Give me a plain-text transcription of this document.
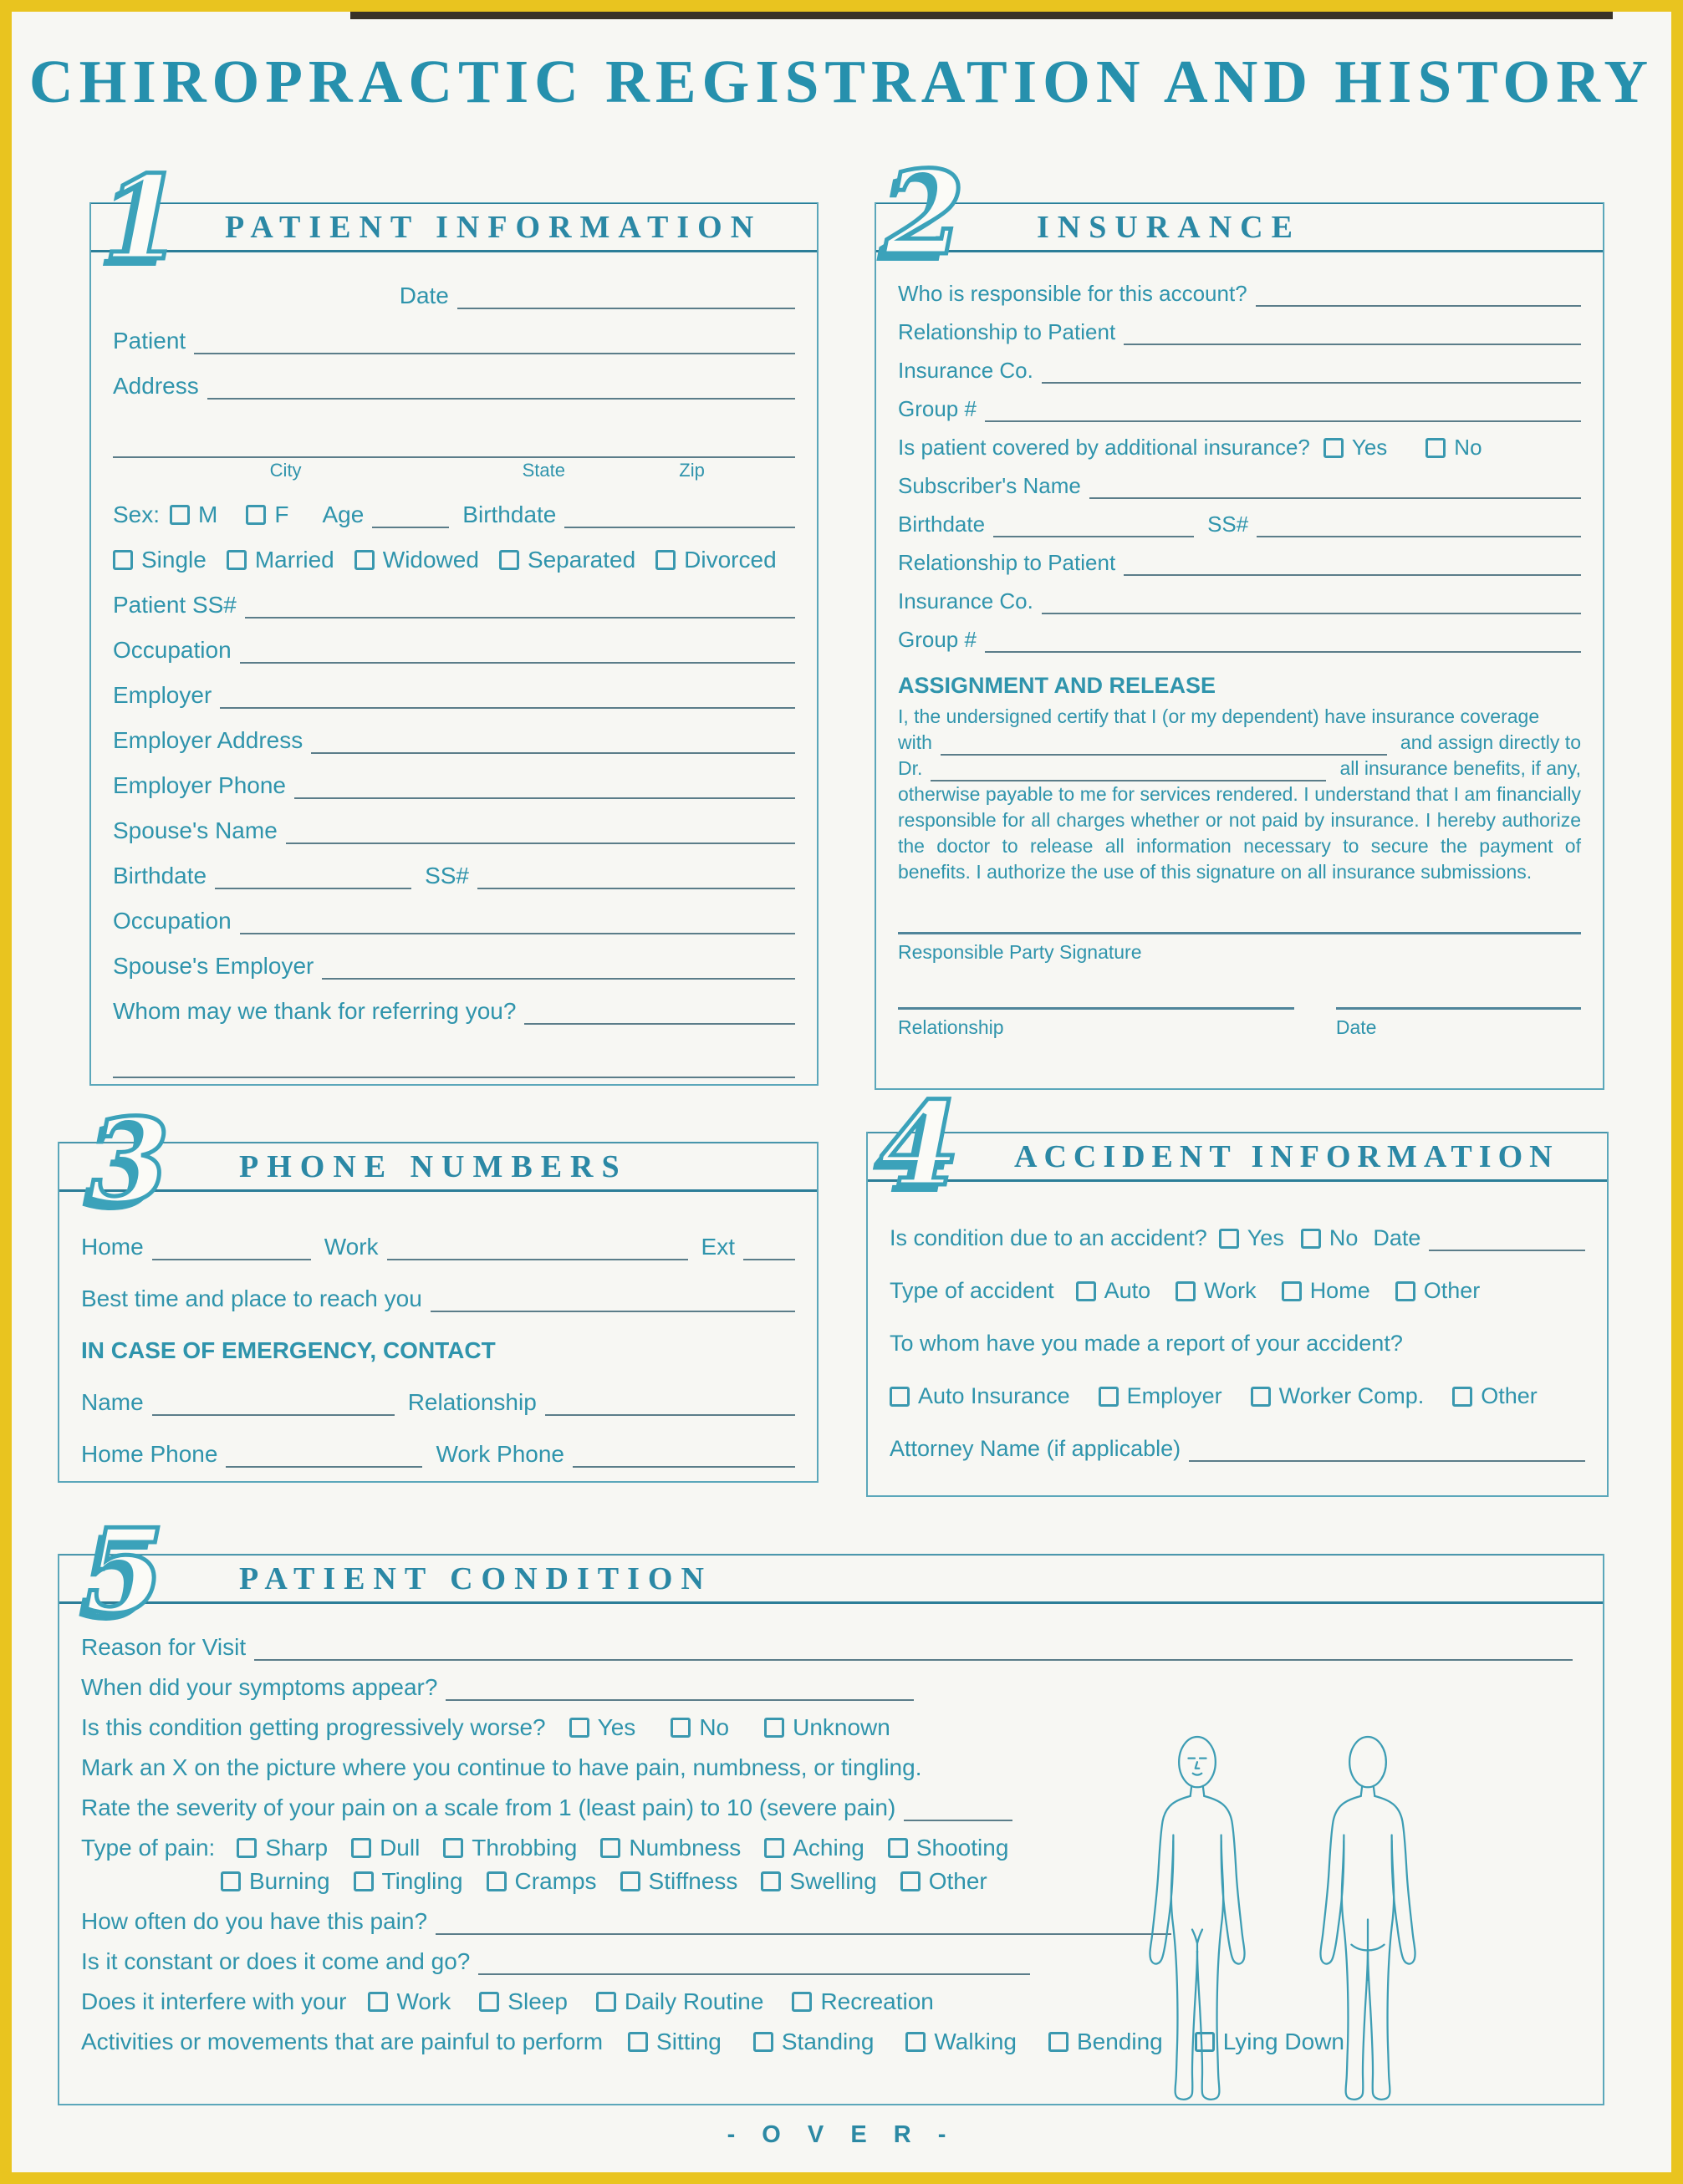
CHIROPRACTIC REGISTRATION AND HISTORY
1	PATIENT INFORMATION
Date
Patient
Address
City	State	Zip
Sex: M F Age	Birthdate
Single Married Widowed Separated Divorced
Patient SS#
Occupation
Employer
Employer Address
Employer Phone
Spouse's Name
Birthdate	SS#
Occupation
Spouse's Employer
Whom may we thank for referring you?
2	INSURANCE
Who is responsible for this account?
Relationship to Patient
Insurance Co.
Group #
Is patient covered by additional insurance? Yes	No
Subscriber's Name
Birthdate	SS#
Relationship to Patient
Insurance Co.
Group #
ASSIGNMENT AND RELEASE
I, the undersigned certify that I (or my dependent) have insurance coverage
with	and assign directly to
Dr.	all insurance benefits, if any,
otherwise payable to me for services rendered. I understand that I am financially responsible for all charges whether or not paid by insurance. I hereby authorize the doctor to release all information necessary to secure the payment of benefits. I authorize the use of this signature on all insurance submissions.
Responsible Party Signature
Relationship	Date
3	PHONE NUMBERS
Home	Work	Ext
Best time and place to reach you
IN CASE OF EMERGENCY, CONTACT
Name	Relationship
Home Phone	Work Phone
4	ACCIDENT INFORMATION
Is condition due to an accident? Yes No Date
Type of accident Auto Work Home Other
To whom have you made a report of your accident?
Auto Insurance	Employer	Worker Comp.	Other
Attorney Name (if applicable)
5	PATIENT CONDITION
Reason for Visit
When did your symptoms appear?
Is this condition getting progressively worse? Yes	No	Unknown
Mark an X on the picture where you continue to have pain, numbness, or tingling.
Rate the severity of your pain on a scale from 1 (least pain) to 10 (severe pain)
Type of pain: Sharp Dull Throbbing Numbness Aching Shooting
Burning Tingling Cramps Stiffness Swelling Other
How often do you have this pain?
Is it constant or does it come and go?
Does it interfere with your Work Sleep Daily Routine Recreation
Activities or movements that are painful to perform Sitting	Standing	Walking	Bending	Lying Down
- O V E R -
